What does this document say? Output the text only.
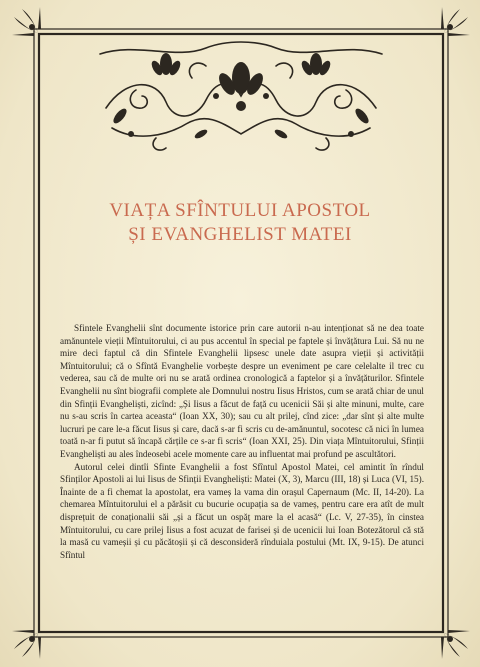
VIAȚA SFÎNTULUI APOSTOL
ȘI EVANGHELIST MATEI

Sfintele Evanghelii sînt documente istorice prin care autorii n-au intenționat să ne dea toate amănuntele vieții Mîntuitorului, ci au pus accentul în special pe faptele și învățătura Lui. Să nu ne mire deci faptul că din Sfintele Evanghelii lipsesc unele date asupra vieții și activității Mîntuitorului; că o Sfîntă Evanghelie vorbește despre un eveniment pe care celelalte il trec cu vederea, sau că de multe ori nu se arată ordinea cronologică a faptelor și a învățăturilor. Sfintele Evanghelii nu sînt biografii complete ale Domnului nostru Iisus Hristos, cum se arată chiar de unul din Sfinții Evangheliști, zicînd: „Și Iisus a făcut de față cu ucenicii Săi și alte minuni, multe, care nu s-au scris în cartea aceasta“ (Ioan XX, 30); sau cu alt prilej, cînd zice: „dar sînt și alte multe lucruri pe care le-a făcut Iisus și care, dacă s-ar fi scris cu de-amănuntul, socotesc că nici în lumea toată n-ar fi putut să încapă cărțile ce s-ar fi scris“ (Ioan XXI, 25). Din viața Mîntuitorului, Sfinții Evangheliști au ales îndeosebi acele momente care au influentat mai profund pe ascultători.

Autorul celei dintîi Sfinte Evanghelii a fost Sfîntul Apostol Matei, cel amintit în rîndul Sfinților Apostoli ai lui Iisus de Sfinții Evangheliști: Matei (X, 3), Marcu (III, 18) și Luca (VI, 15). Înainte de a fi chemat la apostolat, era vameș la vama din orașul Capernaum (Mc. II, 14-20). La chemarea Mîntuitorului el a părăsit cu bucurie ocupația sa de vameș, pentru care era atît de mult disprețuit de conaționalii săi „și a făcut un ospăț mare la el acasă“ (Lc. V, 27-35), în cinstea Mîntuitorului, cu care prilej Iisus a fost acuzat de farisei și de ucenicii lui Ioan Botezătorul că stă la masă cu vameșii și cu păcătoșii și că desconsideră rînduiala postului (Mt. IX, 9-15). De atunci Sfîntul
